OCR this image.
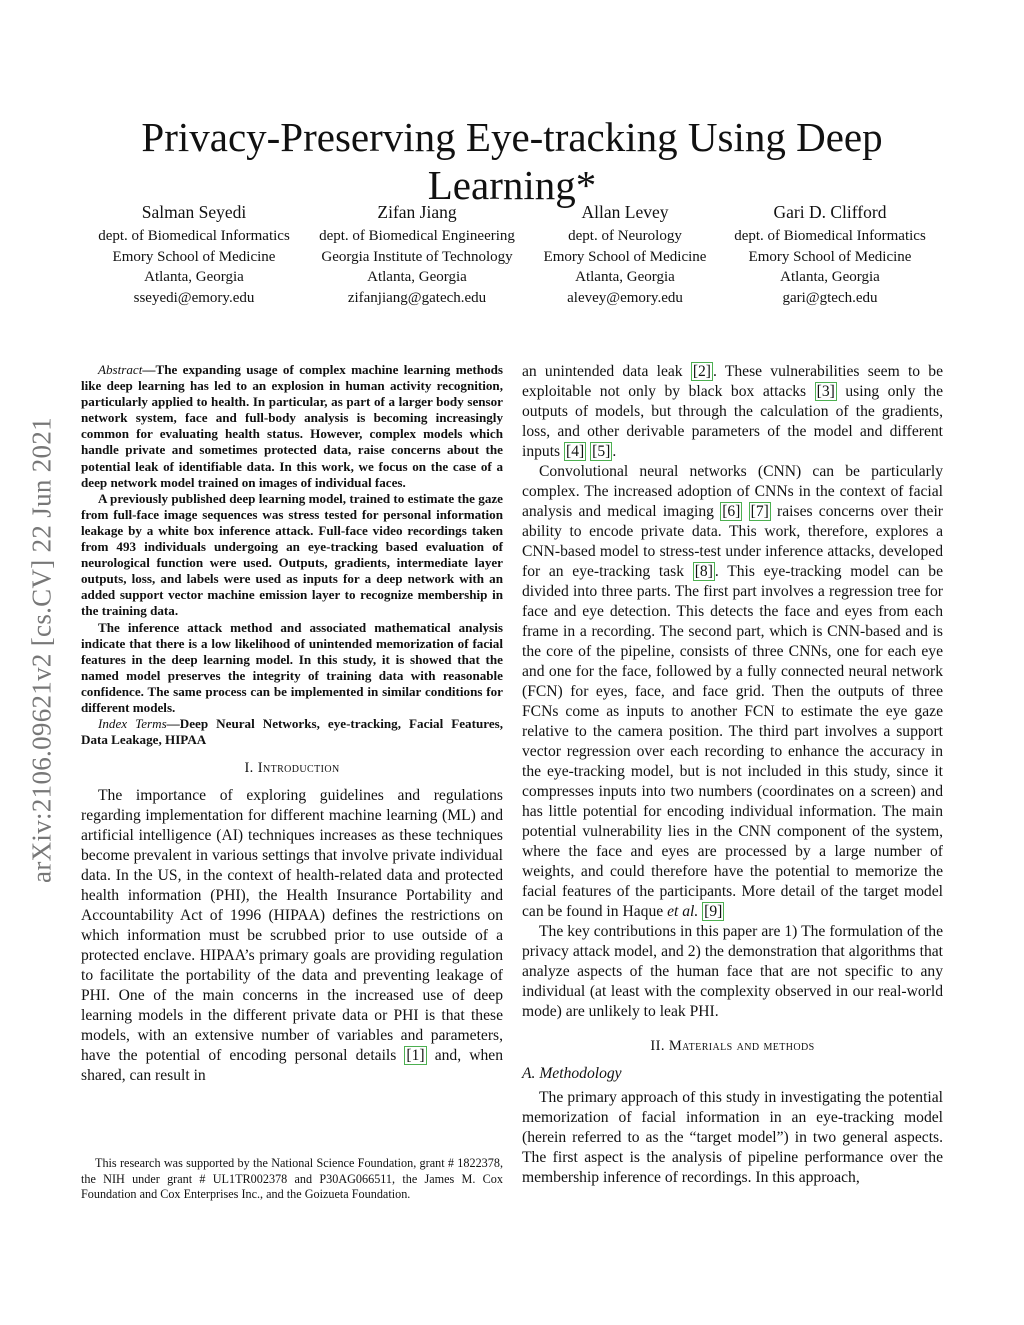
arXiv:2106.09621v2 [cs.CV] 22 Jun 2021
Privacy-Preserving Eye-tracking Using Deep
Learning*
Salman Seyedi
dept. of Biomedical Informatics
Emory School of Medicine
Atlanta, Georgia
sseyedi@emory.edu
Zifan Jiang
dept. of Biomedical Engineering
Georgia Institute of Technology
Atlanta, Georgia
zifanjiang@gatech.edu
Allan Levey
dept. of Neurology
Emory School of Medicine
Atlanta, Georgia
alevey@emory.edu
Gari D. Clifford
dept. of Biomedical Informatics
Emory School of Medicine
Atlanta, Georgia
gari@gtech.edu

Abstract—The expanding usage of complex machine learning methods like deep learning has led to an explosion in human activity recognition, particularly applied to health. In particular, as part of a larger body sensor network system, face and full-body analysis is becoming increasingly common for evaluating health status. However, complex models which handle private and sometimes protected data, raise concerns about the potential leak of identifiable data. In this work, we focus on the case of a deep network model trained on images of individual faces.

A previously published deep learning model, trained to estimate the gaze from full-face image sequences was stress tested for personal information leakage by a white box inference attack. Full-face video recordings taken from 493 individuals undergoing an eye-tracking based evaluation of neurological function were used. Outputs, gradients, intermediate layer outputs, loss, and labels were used as inputs for a deep network with an added support vector machine emission layer to recognize membership in the training data.

The inference attack method and associated mathematical analysis indicate that there is a low likelihood of unintended memorization of facial features in the deep learning model. In this study, it is showed that the named model preserves the integrity of training data with reasonable confidence. The same process can be implemented in similar conditions for different models.

Index Terms—Deep Neural Networks, eye-tracking, Facial Features, Data Leakage, HIPAA

I. Introduction

The importance of exploring guidelines and regulations regarding implementation for different machine learning (ML) and artificial intelligence (AI) techniques increases as these techniques become prevalent in various settings that involve private individual data. In the US, in the context of health-related data and protected health information (PHI), the Health Insurance Portability and Accountability Act of 1996 (HIPAA) defines the restrictions on which information must be scrubbed prior to use outside of a protected enclave. HIPAA’s primary goals are providing regulation to facilitate the portability of the data and preventing leakage of PHI. One of the main concerns in the increased use of deep learning models in the different private data or PHI is that these models, with an extensive number of variables and parameters, have the potential of encoding personal details [1] and, when shared, can result in

This research was supported by the National Science Foundation, grant # 1822378, the NIH under grant # UL1TR002378 and P30AG066511, the James M. Cox Foundation and Cox Enterprises Inc., and the Goizueta Foundation.

an unintended data leak [2] . These vulnerabilities seem to be exploitable not only by black box attacks [3] using only the outputs of models, but through the calculation of the gradients, loss, and other derivable parameters of the model and different inputs [4] [5] .

Convolutional neural networks (CNN) can be particularly complex. The increased adoption of CNNs in the context of facial analysis and medical imaging [6] [7] raises concerns over their ability to encode private data. This work, therefore, explores a CNN-based model to stress-test under inference attacks, developed for an eye-tracking task [8] . This eye-tracking model can be divided into three parts. The first part involves a regression tree for face and eye detection. This detects the face and eyes from each frame in a recording. The second part, which is CNN-based and is the core of the pipeline, consists of three CNNs, one for each eye and one for the face, followed by a fully connected neural network (FCN) for eyes, face, and face grid. Then the outputs of three FCNs come as inputs to another FCN to estimate the eye gaze relative to the camera position. The third part involves a support vector regression over each recording to enhance the accuracy in the eye-tracking model, but is not included in this study, since it compresses inputs into two numbers (coordinates on a screen) and has little potential for encoding individual information. The main potential vulnerability lies in the CNN component of the system, where the face and eyes are processed by a large number of weights, and could therefore have the potential to memorize the facial features of the participants. More detail of the target model can be found in Haque et al. [9]

The key contributions in this paper are 1) The formulation of the privacy attack model, and 2) the demonstration that algorithms that analyze aspects of the human face that are not specific to any individual (at least with the complexity observed in our real-world mode) are unlikely to leak PHI.

II. Materials and methods
A. Methodology

The primary approach of this study in investigating the potential memorization of facial information in an eye-tracking model (herein referred to as the “target model”) in two general aspects. The first aspect is the analysis of pipeline performance over the membership inference of recordings. In this approach,
